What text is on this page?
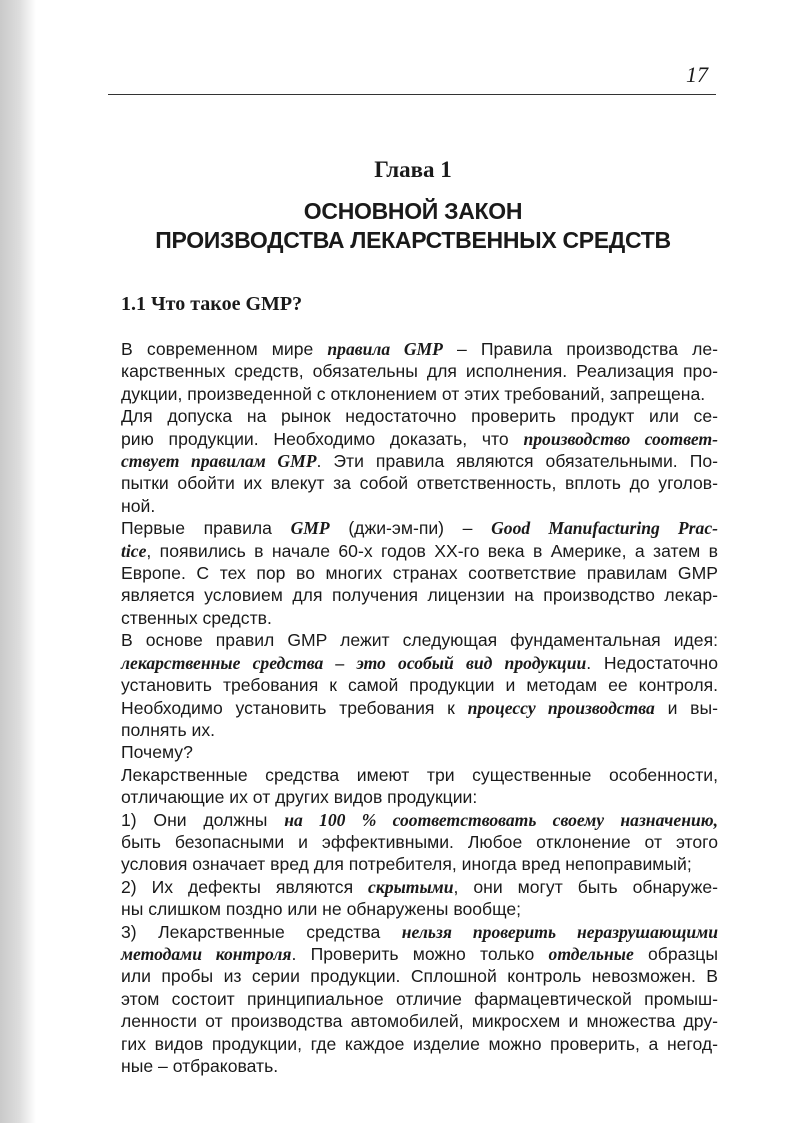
17
Глава 1
ОСНОВНОЙ ЗАКОН
ПРОИЗВОДСТВА ЛЕКАРСТВЕННЫХ СРЕДСТВ
1.1 Что такое GMP?
В современном мире правила GMP – Правила производства ле-
карственных средств, обязательны для исполнения. Реализация про-
дукции, произведенной с отклонением от этих требований, запрещена.
Для допуска на рынок недостаточно проверить продукт или се-
рию продукции. Необходимо доказать, что производство соответ-
ствует правилам GMP. Эти правила являются обязательными. По-
пытки обойти их влекут за собой ответственность, вплоть до уголов-
ной.
Первые правила GMP (джи-эм-пи) – Good Manufacturing Prac-
tice, появились в начале 60-х годов XX-го века в Америке, а затем в
Европе. С тех пор во многих странах соответствие правилам GMP
является условием для получения лицензии на производство лекар-
ственных средств.
В основе правил GMP лежит следующая фундаментальная идея:
лекарственные средства – это особый вид продукции. Недостаточно
установить требования к самой продукции и методам ее контроля.
Необходимо установить требования к процессу производства и вы-
полнять их.
Почему?
Лекарственные средства имеют три существенные особенности,
отличающие их от других видов продукции:
1) Они должны на 100 % соответствовать своему назначению,
быть безопасными и эффективными. Любое отклонение от этого
условия означает вред для потребителя, иногда вред непоправимый;
2) Их дефекты являются скрытыми, они могут быть обнаруже-
ны слишком поздно или не обнаружены вообще;
3) Лекарственные средства нельзя проверить неразрушающими
методами контроля. Проверить можно только отдельные образцы
или пробы из серии продукции. Сплошной контроль невозможен. В
этом состоит принципиальное отличие фармацевтической промыш-
ленности от производства автомобилей, микросхем и множества дру-
гих видов продукции, где каждое изделие можно проверить, а негод-
ные – отбраковать.
